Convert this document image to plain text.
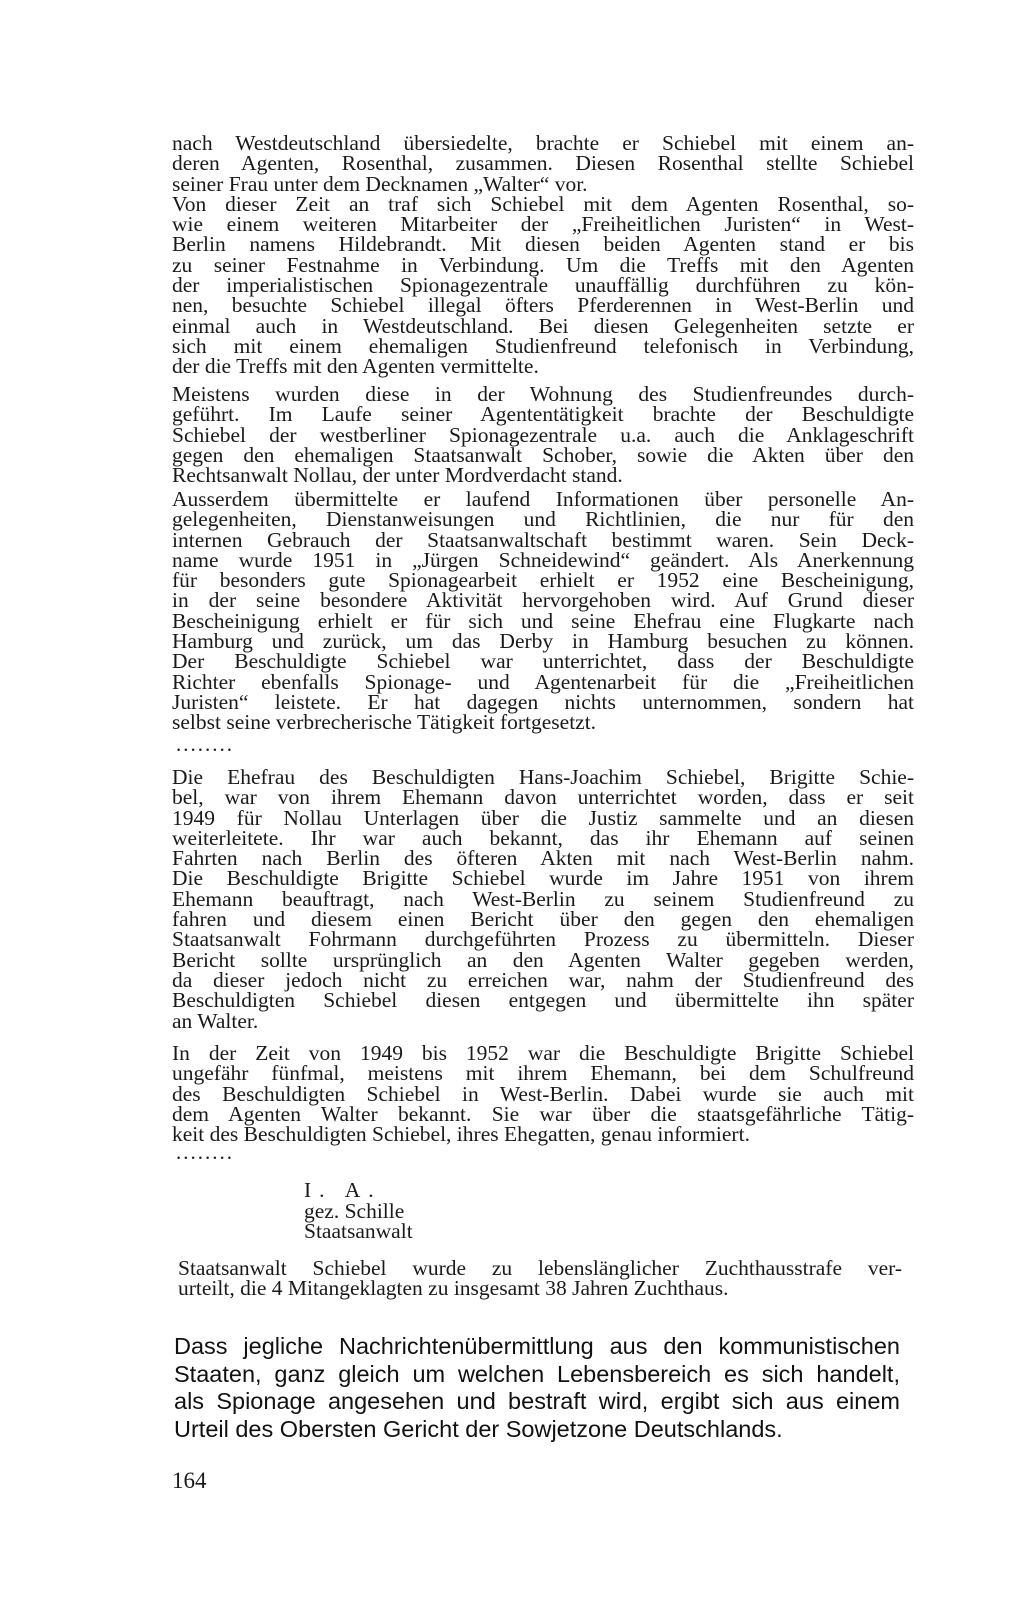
nach Westdeutschland übersiedelte, brachte er Schiebel mit einem an-
deren Agenten, Rosenthal, zusammen. Diesen Rosenthal stellte Schiebel
seiner Frau unter dem Decknamen „Walter“ vor.
Von dieser Zeit an traf sich Schiebel mit dem Agenten Rosenthal, so-
wie einem weiteren Mitarbeiter der „Freiheitlichen Juristen“ in West-
Berlin namens Hildebrandt. Mit diesen beiden Agenten stand er bis
zu seiner Festnahme in Verbindung. Um die Treffs mit den Agenten
der imperialistischen Spionagezentrale unauffällig durchführen zu kön-
nen, besuchte Schiebel illegal öfters Pferderennen in West-Berlin und
einmal auch in Westdeutschland. Bei diesen Gelegenheiten setzte er
sich mit einem ehemaligen Studienfreund telefonisch in Verbindung,
der die Treffs mit den Agenten vermittelte.
Meistens wurden diese in der Wohnung des Studienfreundes durch-
geführt. Im Laufe seiner Agententätigkeit brachte der Beschuldigte
Schiebel der westberliner Spionagezentrale u.a. auch die Anklageschrift
gegen den ehemaligen Staatsanwalt Schober, sowie die Akten über den
Rechtsanwalt Nollau, der unter Mordverdacht stand.
Ausserdem übermittelte er laufend Informationen über personelle An-
gelegenheiten, Dienstanweisungen und Richtlinien, die nur für den
internen Gebrauch der Staatsanwaltschaft bestimmt waren. Sein Deck-
name wurde 1951 in „Jürgen Schneidewind“ geändert. Als Anerkennung
für besonders gute Spionagearbeit erhielt er 1952 eine Bescheinigung,
in der seine besondere Aktivität hervorgehoben wird. Auf Grund dieser
Bescheinigung erhielt er für sich und seine Ehefrau eine Flugkarte nach
Hamburg und zurück, um das Derby in Hamburg besuchen zu können.
Der Beschuldigte Schiebel war unterrichtet, dass der Beschuldigte
Richter ebenfalls Spionage- und Agentenarbeit für die „Freiheitlichen
Juristen“ leistete. Er hat dagegen nichts unternommen, sondern hat
selbst seine verbrecherische Tätigkeit fortgesetzt.
........
Die Ehefrau des Beschuldigten Hans-Joachim Schiebel, Brigitte Schie-
bel, war von ihrem Ehemann davon unterrichtet worden, dass er seit
1949 für Nollau Unterlagen über die Justiz sammelte und an diesen
weiterleitete. Ihr war auch bekannt, das ihr Ehemann auf seinen
Fahrten nach Berlin des öfteren Akten mit nach West-Berlin nahm.
Die Beschuldigte Brigitte Schiebel wurde im Jahre 1951 von ihrem
Ehemann beauftragt, nach West-Berlin zu seinem Studienfreund zu
fahren und diesem einen Bericht über den gegen den ehemaligen
Staatsanwalt Fohrmann durchgeführten Prozess zu übermitteln. Dieser
Bericht sollte ursprünglich an den Agenten Walter gegeben werden,
da dieser jedoch nicht zu erreichen war, nahm der Studienfreund des
Beschuldigten Schiebel diesen entgegen und übermittelte ihn später
an Walter.
In der Zeit von 1949 bis 1952 war die Beschuldigte Brigitte Schiebel
ungefähr fünfmal, meistens mit ihrem Ehemann, bei dem Schulfreund
des Beschuldigten Schiebel in West-Berlin. Dabei wurde sie auch mit
dem Agenten Walter bekannt. Sie war über die staatsgefährliche Tätig-
keit des Beschuldigten Schiebel, ihres Ehegatten, genau informiert.
........
I. A.
gez. Schille
Staatsanwalt
Staatsanwalt Schiebel wurde zu lebenslänglicher Zuchthausstrafe ver-
urteilt, die 4 Mitangeklagten zu insgesamt 38 Jahren Zuchthaus.
Dass jegliche Nachrichtenübermittlung aus den kommunistischen
Staaten, ganz gleich um welchen Lebensbereich es sich handelt,
als Spionage angesehen und bestraft wird, ergibt sich aus einem
Urteil des Obersten Gericht der Sowjetzone Deutschlands.
164
